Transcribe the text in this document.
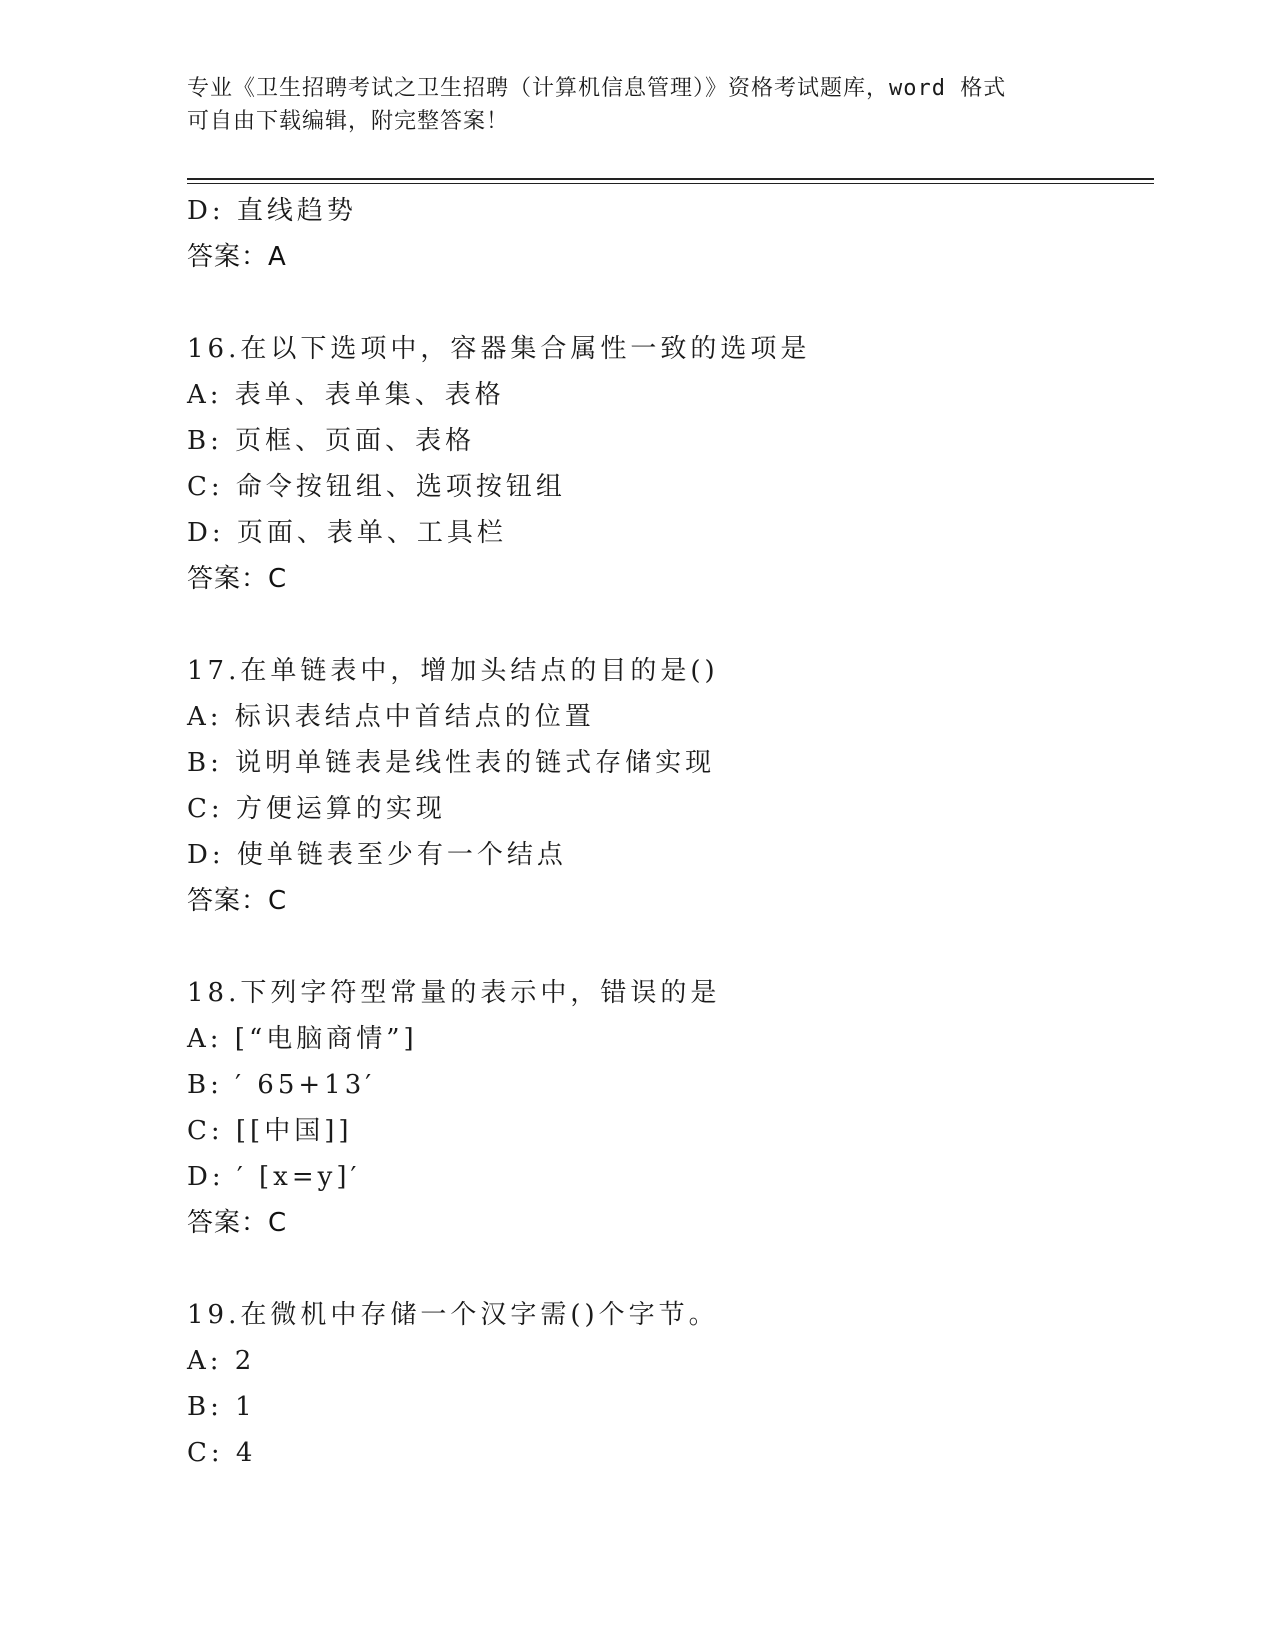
专业《卫生招聘考试之卫生招聘（计算机信息管理）》资格考试题库，word 格式
可自由下载编辑，附完整答案！
D: 直线趋势
答案：A
16.在以下选项中，容器集合属性一致的选项是
A: 表单、表单集、表格
B: 页框、页面、表格
C: 命令按钮组、选项按钮组
D: 页面、表单、工具栏
答案：C
17.在单链表中，增加头结点的目的是()
A: 标识表结点中首结点的位置
B: 说明单链表是线性表的链式存储实现
C: 方便运算的实现
D: 使单链表至少有一个结点
答案：C
18.下列字符型常量的表示中，错误的是
A: [“电脑商情”]
B: ′ 65+13′
C: [[中国]]
D: ′ [x=y]′
答案：C
19.在微机中存储一个汉字需()个字节。
A: 2
B: 1
C: 4
